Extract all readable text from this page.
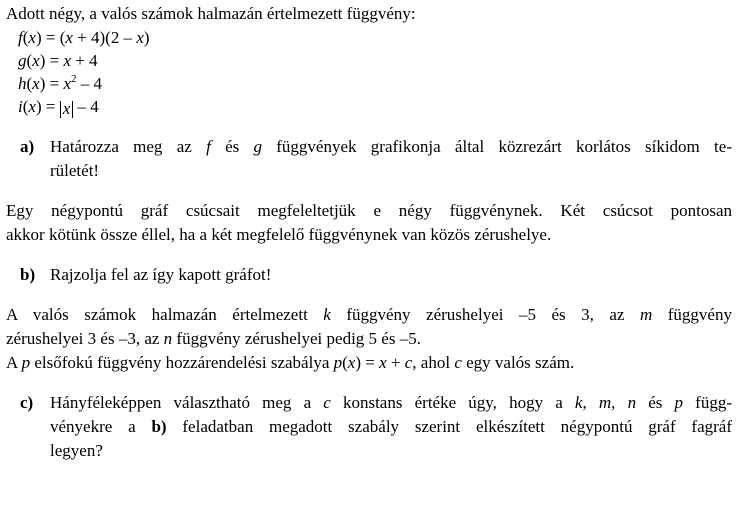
Adott négy, a valós számok halmazán értelmezett függvény:

f(x) = (x + 4)(2 – x)
g(x) = x + 4
$h(x) = x^2 - 4$
i(x) = x – 4
a) Határozza meg az f és g függvények grafikonja által közrezárt korlátos síkidom te-
rületét!
Egy négypontú gráf csúcsait megfeleltetjük e négy függvénynek. Két csúcsot pontosan
akkor kötünk össze éllel, ha a két megfelelő függvénynek van közös zérushelye.
b) Rajzolja fel az így kapott gráfot!
A valós számok halmazán értelmezett k függvény zérushelyei –5 és 3, az m függvény
zérushelyei 3 és –3, az n függvény zérushelyei pedig 5 és –5.
A p elsőfokú függvény hozzárendelési szabálya p(x) = x + c, ahol c egy valós szám.
c) Hányféleképpen választható meg a c konstans értéke úgy, hogy a k, m, n és p függ-
vényekre a b) feladatban megadott szabály szerint elkészített négypontú gráf fagráf
legyen?
